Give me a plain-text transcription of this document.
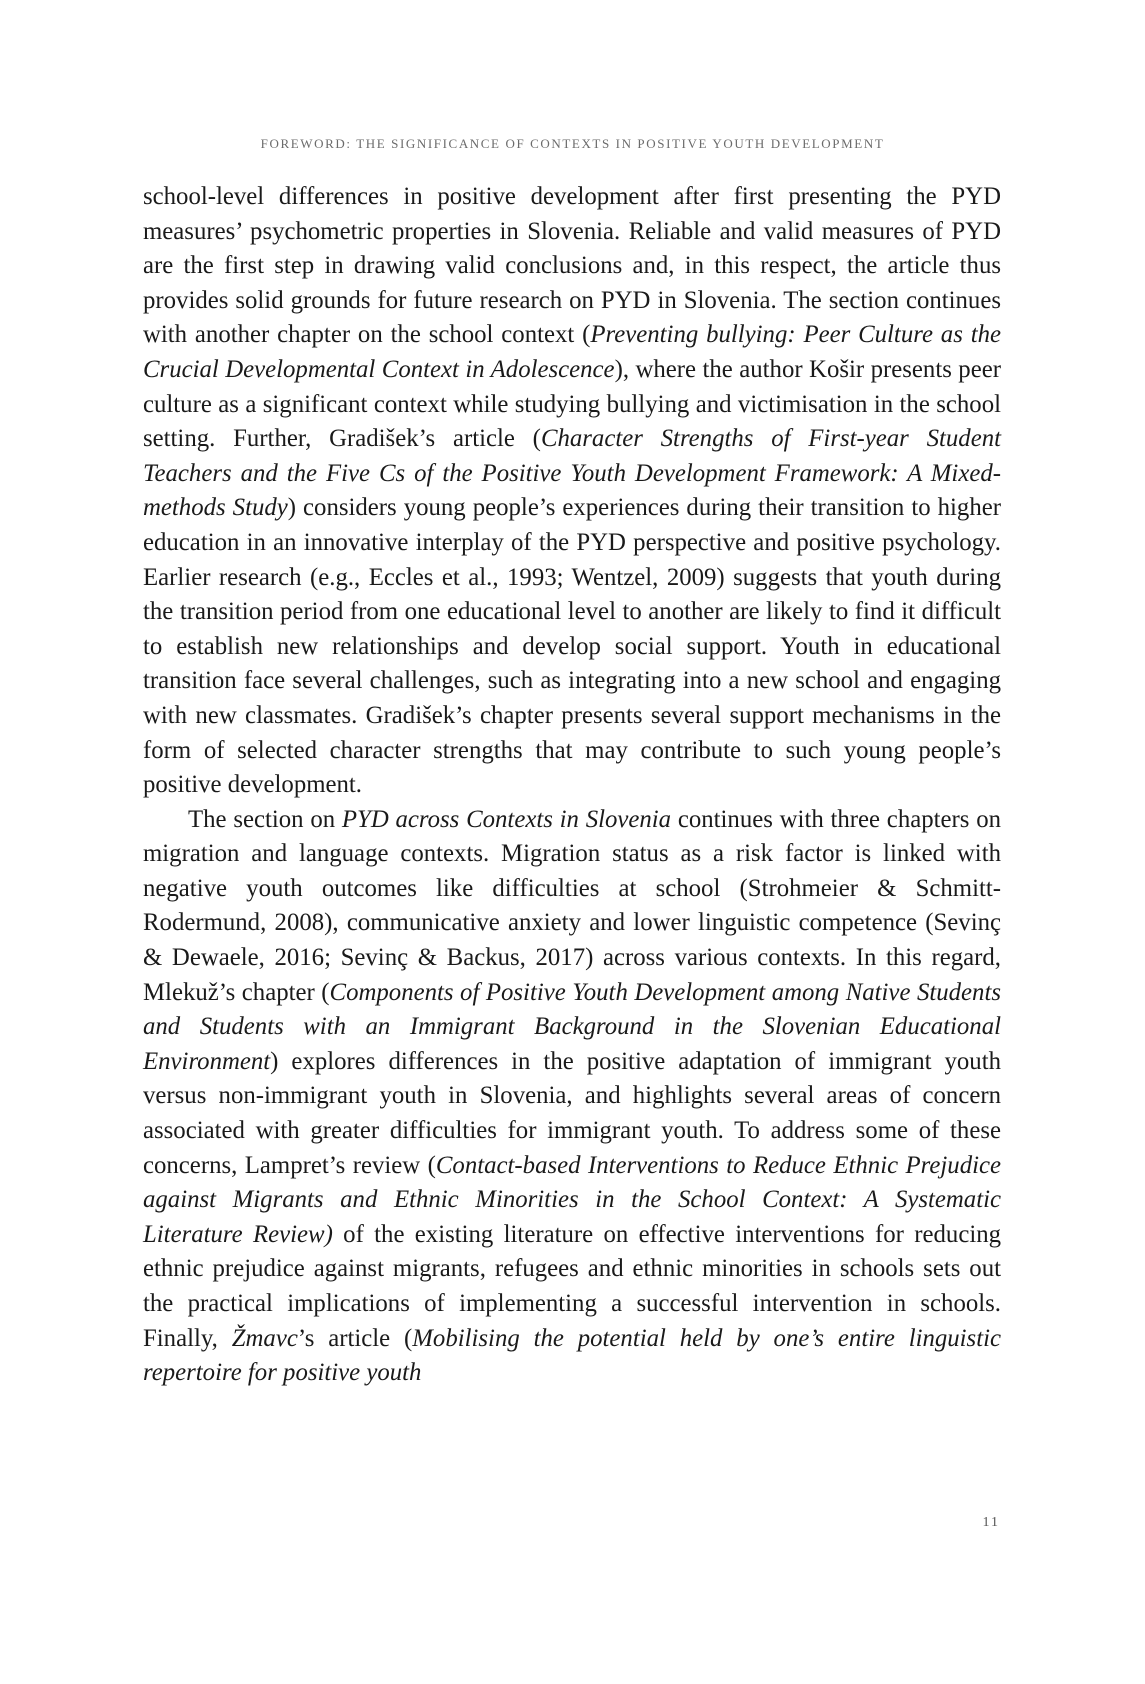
FOREWORD: THE SIGNIFICANCE OF CONTEXTS IN POSITIVE YOUTH DEVELOPMENT

school-level differences in positive development after first presenting the PYD measures’ psychometric properties in Slovenia. Reliable and valid measures of PYD are the first step in drawing valid conclusions and, in this respect, the article thus provides solid grounds for future research on PYD in Slovenia. The section continues with another chapter on the school context (Preventing bullying: Peer Culture as the Crucial Developmental Context in Adolescence), where the author Košir presents peer culture as a significant context while studying bullying and victimisation in the school setting. Further, Gradišek’s article (Character Strengths of First-year Student Teachers and the Five Cs of the Positive Youth Development Framework: A Mixed-methods Study) considers young people’s experiences during their transition to higher education in an innovative interplay of the PYD perspective and positive psychology. Earlier research (e.g., Eccles et al., 1993; Wentzel, 2009) suggests that youth during the transition period from one educational level to another are likely to find it difficult to establish new relationships and develop social support. Youth in educational transition face several challenges, such as integrating into a new school and engaging with new classmates. Gradišek’s chapter presents several support mechanisms in the form of selected character strengths that may contribute to such young people’s positive development.

The section on PYD across Contexts in Slovenia continues with three chapters on migration and language contexts. Migration status as a risk factor is linked with negative youth outcomes like difficulties at school (Strohmeier & Schmitt-Rodermund, 2008), communicative anxiety and lower linguistic competence (Sevinç & Dewaele, 2016; Sevinç & Backus, 2017) across various contexts. In this regard, Mlekuž’s chapter (Components of Positive Youth Development among Native Students and Students with an Immigrant Background in the Slovenian Educational Environment) explores differences in the positive adaptation of immigrant youth versus non-immigrant youth in Slovenia, and highlights several areas of concern associated with greater difficulties for immigrant youth. To address some of these concerns, Lampret’s review (Contact-based Interventions to Reduce Ethnic Prejudice against Migrants and Ethnic Minorities in the School Context: A Systematic Literature Review) of the existing literature on effective interventions for reducing ethnic prejudice against migrants, refugees and ethnic minorities in schools sets out the practical implications of implementing a successful intervention in schools. Finally, Žmavc’s article (Mobilising the potential held by one’s entire linguistic repertoire for positive youth

11
